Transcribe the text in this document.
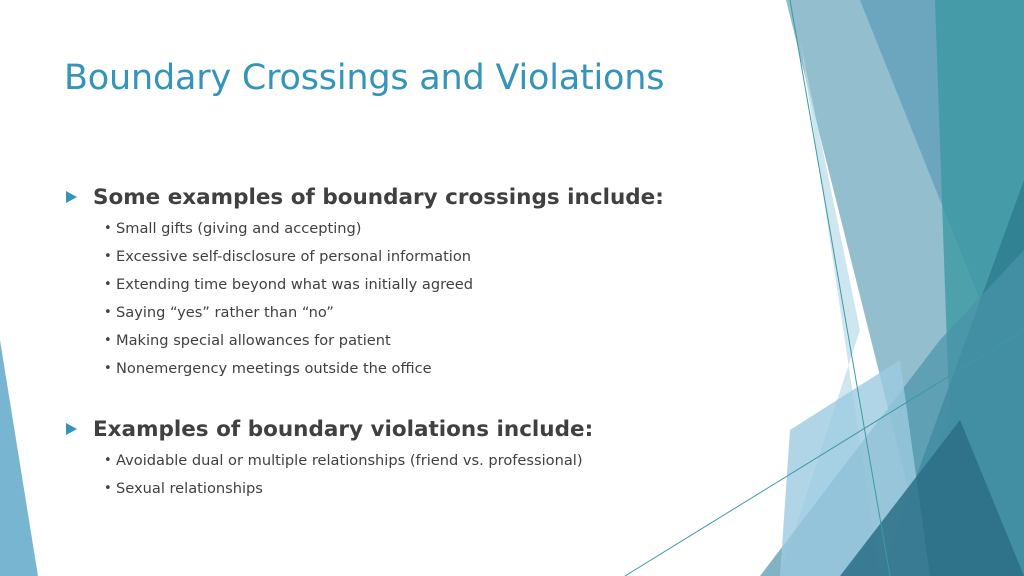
Boundary Crossings and Violations
Some examples of boundary crossings include:
• Small gifts (giving and accepting)
• Excessive self-disclosure of personal information
• Extending time beyond what was initially agreed
• Saying “yes” rather than “no”
• Making special allowances for patient
• Nonemergency meetings outside the office
Examples of boundary violations include:
• Avoidable dual or multiple relationships (friend vs. professional)
• Sexual relationships
